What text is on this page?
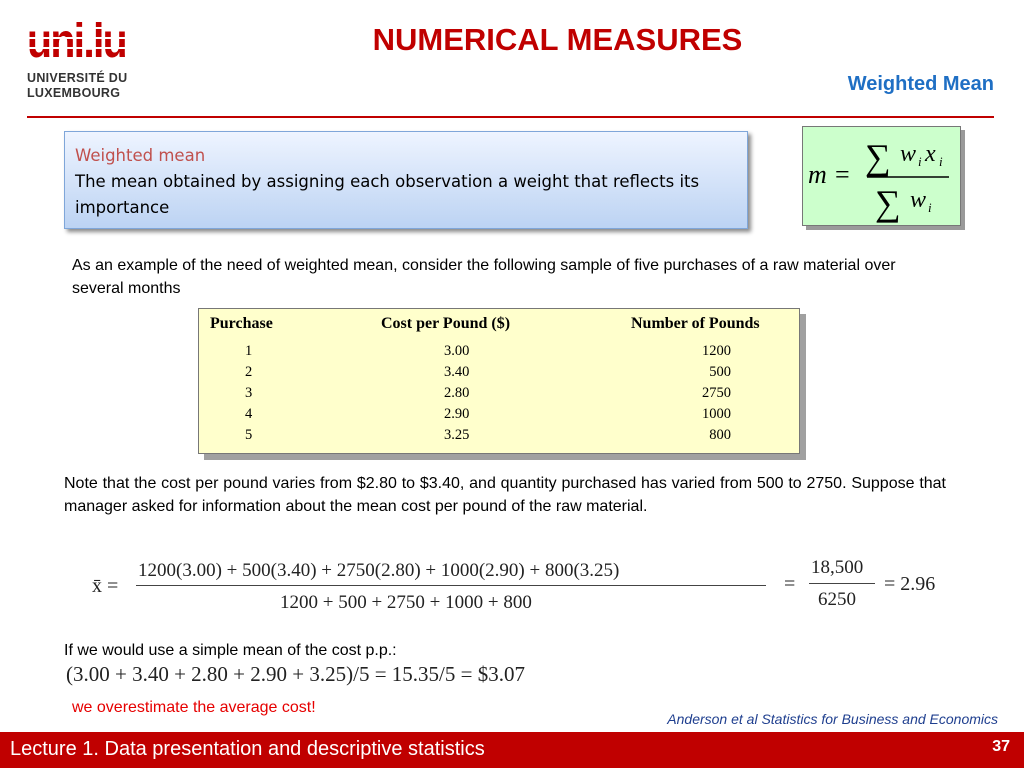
uni.lu
UNIVERSITÉ DU
LUXEMBOURG
NUMERICAL MEASURES
Weighted Mean
Weighted mean
The mean obtained by assigning each observation a weight that reflects its importance
m = ∑ w i x i
∑ w i
As an example of the need of weighted mean, consider the following sample of five purchases of a raw material over several months
Purchase	Cost per Pound ($)	Number of Pounds
1	3.00	1200
2	3.40	500
3	2.80	2750
4	2.90	1000
5	3.25	800
Note that the cost per pound varies from $2.80 to $3.40, and quantity purchased has varied from 500 to 2750. Suppose that manager asked for information about the mean cost per pound of the raw material.
x̄ =
1200(3.00) + 500(3.40) + 2750(2.80) + 1000(2.90) + 800(3.25)
1200 + 500 + 2750 + 1000 + 800
=
18,500
6250
= 2.96
If we would use a simple mean of the cost p.p.:
(3.00 + 3.40 + 2.80 + 2.90 + 3.25)/5 = 15.35/5 = $3.07
we overestimate the average cost!
Anderson et al Statistics for Business and Economics
Lecture 1. Data presentation and descriptive statistics	37
